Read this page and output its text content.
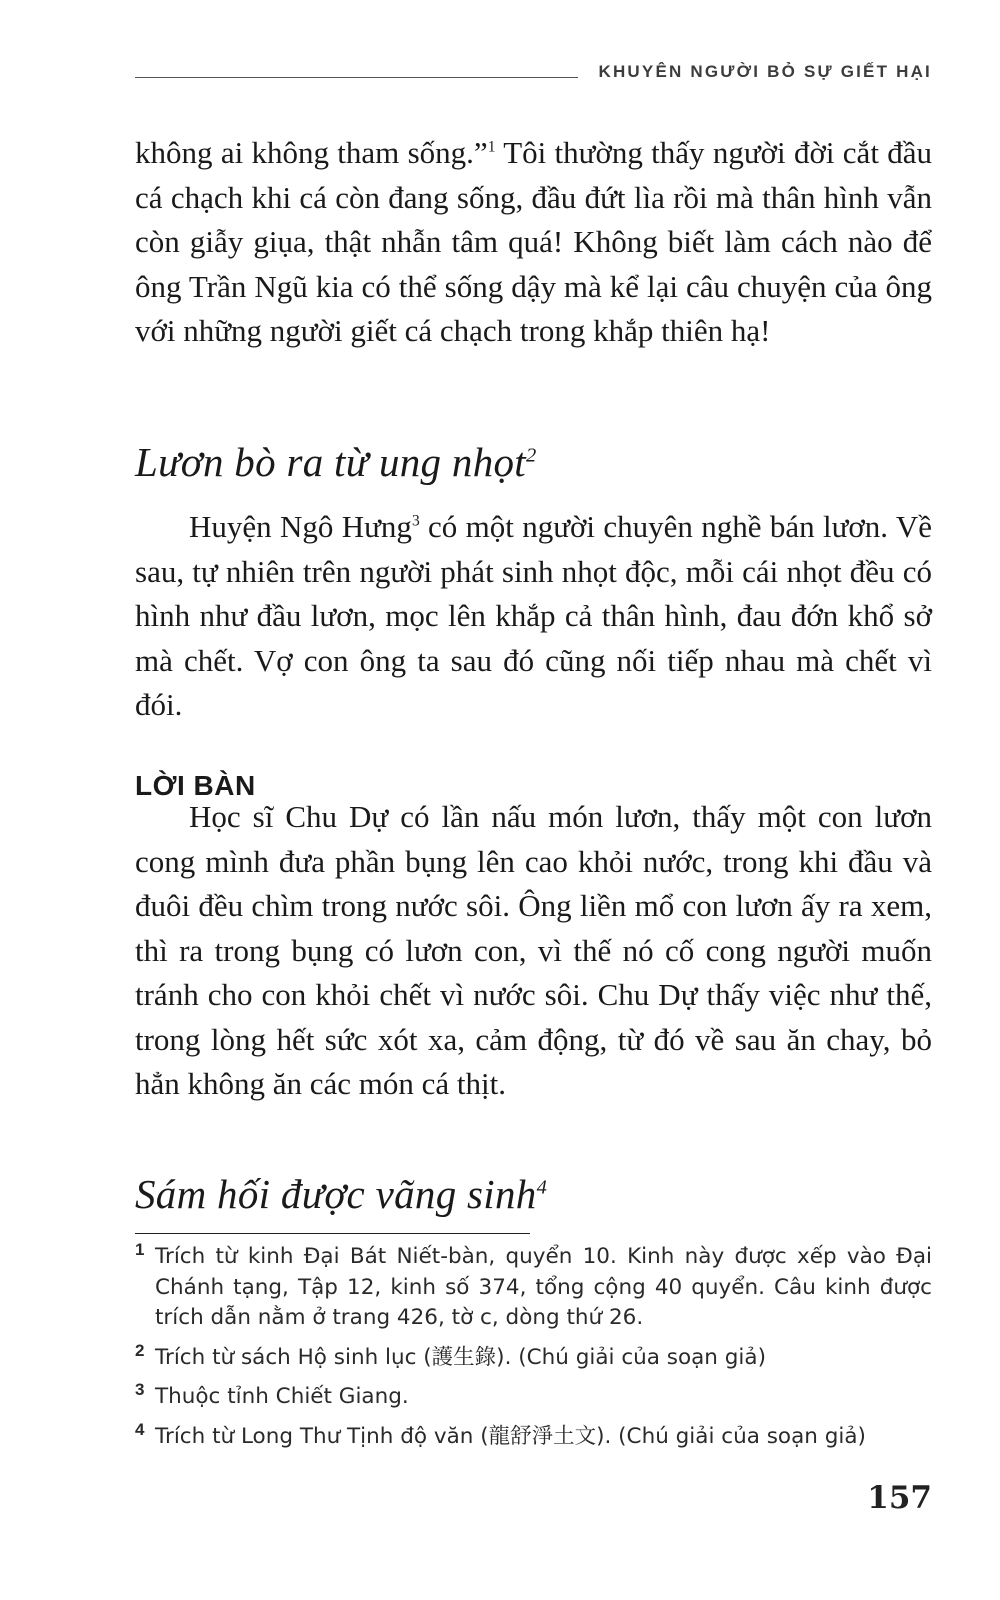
KHUYÊN NGƯỜI BỎ SỰ GIẾT HẠI

không ai không tham sống.”$^1$ Tôi thường thấy người đời cắt đầu cá chạch khi cá còn đang sống, đầu đứt lìa rồi mà thân hình vẫn còn giẫy giụa, thật nhẫn tâm quá! Không biết làm cách nào để ông Trần Ngũ kia có thể sống dậy mà kể lại câu chuyện của ông với những người giết cá chạch trong khắp thiên hạ!

Lươn bò ra từ ung nhọt$^2$

Huyện Ngô Hưng$^3$ có một người chuyên nghề bán lươn. Về sau, tự nhiên trên người phát sinh nhọt độc, mỗi cái nhọt đều có hình như đầu lươn, mọc lên khắp cả thân hình, đau đớn khổ sở mà chết. Vợ con ông ta sau đó cũng nối tiếp nhau mà chết vì đói.

LỜI BÀN

Học sĩ Chu Dự có lần nấu món lươn, thấy một con lươn cong mình đưa phần bụng lên cao khỏi nước, trong khi đầu và đuôi đều chìm trong nước sôi. Ông liền mổ con lươn ấy ra xem, thì ra trong bụng có lươn con, vì thế nó cố cong người muốn tránh cho con khỏi chết vì nước sôi. Chu Dự thấy việc như thế, trong lòng hết sức xót xa, cảm động, từ đó về sau ăn chay, bỏ hẳn không ăn các món cá thịt.

Sám hối được vãng $\sinh^4$
1 Trích từ kinh Đại Bát Niết-bàn, quyển 10. Kinh này được xếp vào Đại Chánh tạng, Tập 12, kinh số 374, tổng cộng 40 quyển. Câu kinh được trích dẫn nằm ở trang 426, tờ c, dòng thứ 26.
2 Trích từ sách Hộ sinh lục (護生錄). (Chú giải của soạn giả)
3 Thuộc tỉnh Chiết Giang.
4 Trích từ Long Thư Tịnh độ văn (龍舒淨土文). (Chú giải của soạn giả)
157
